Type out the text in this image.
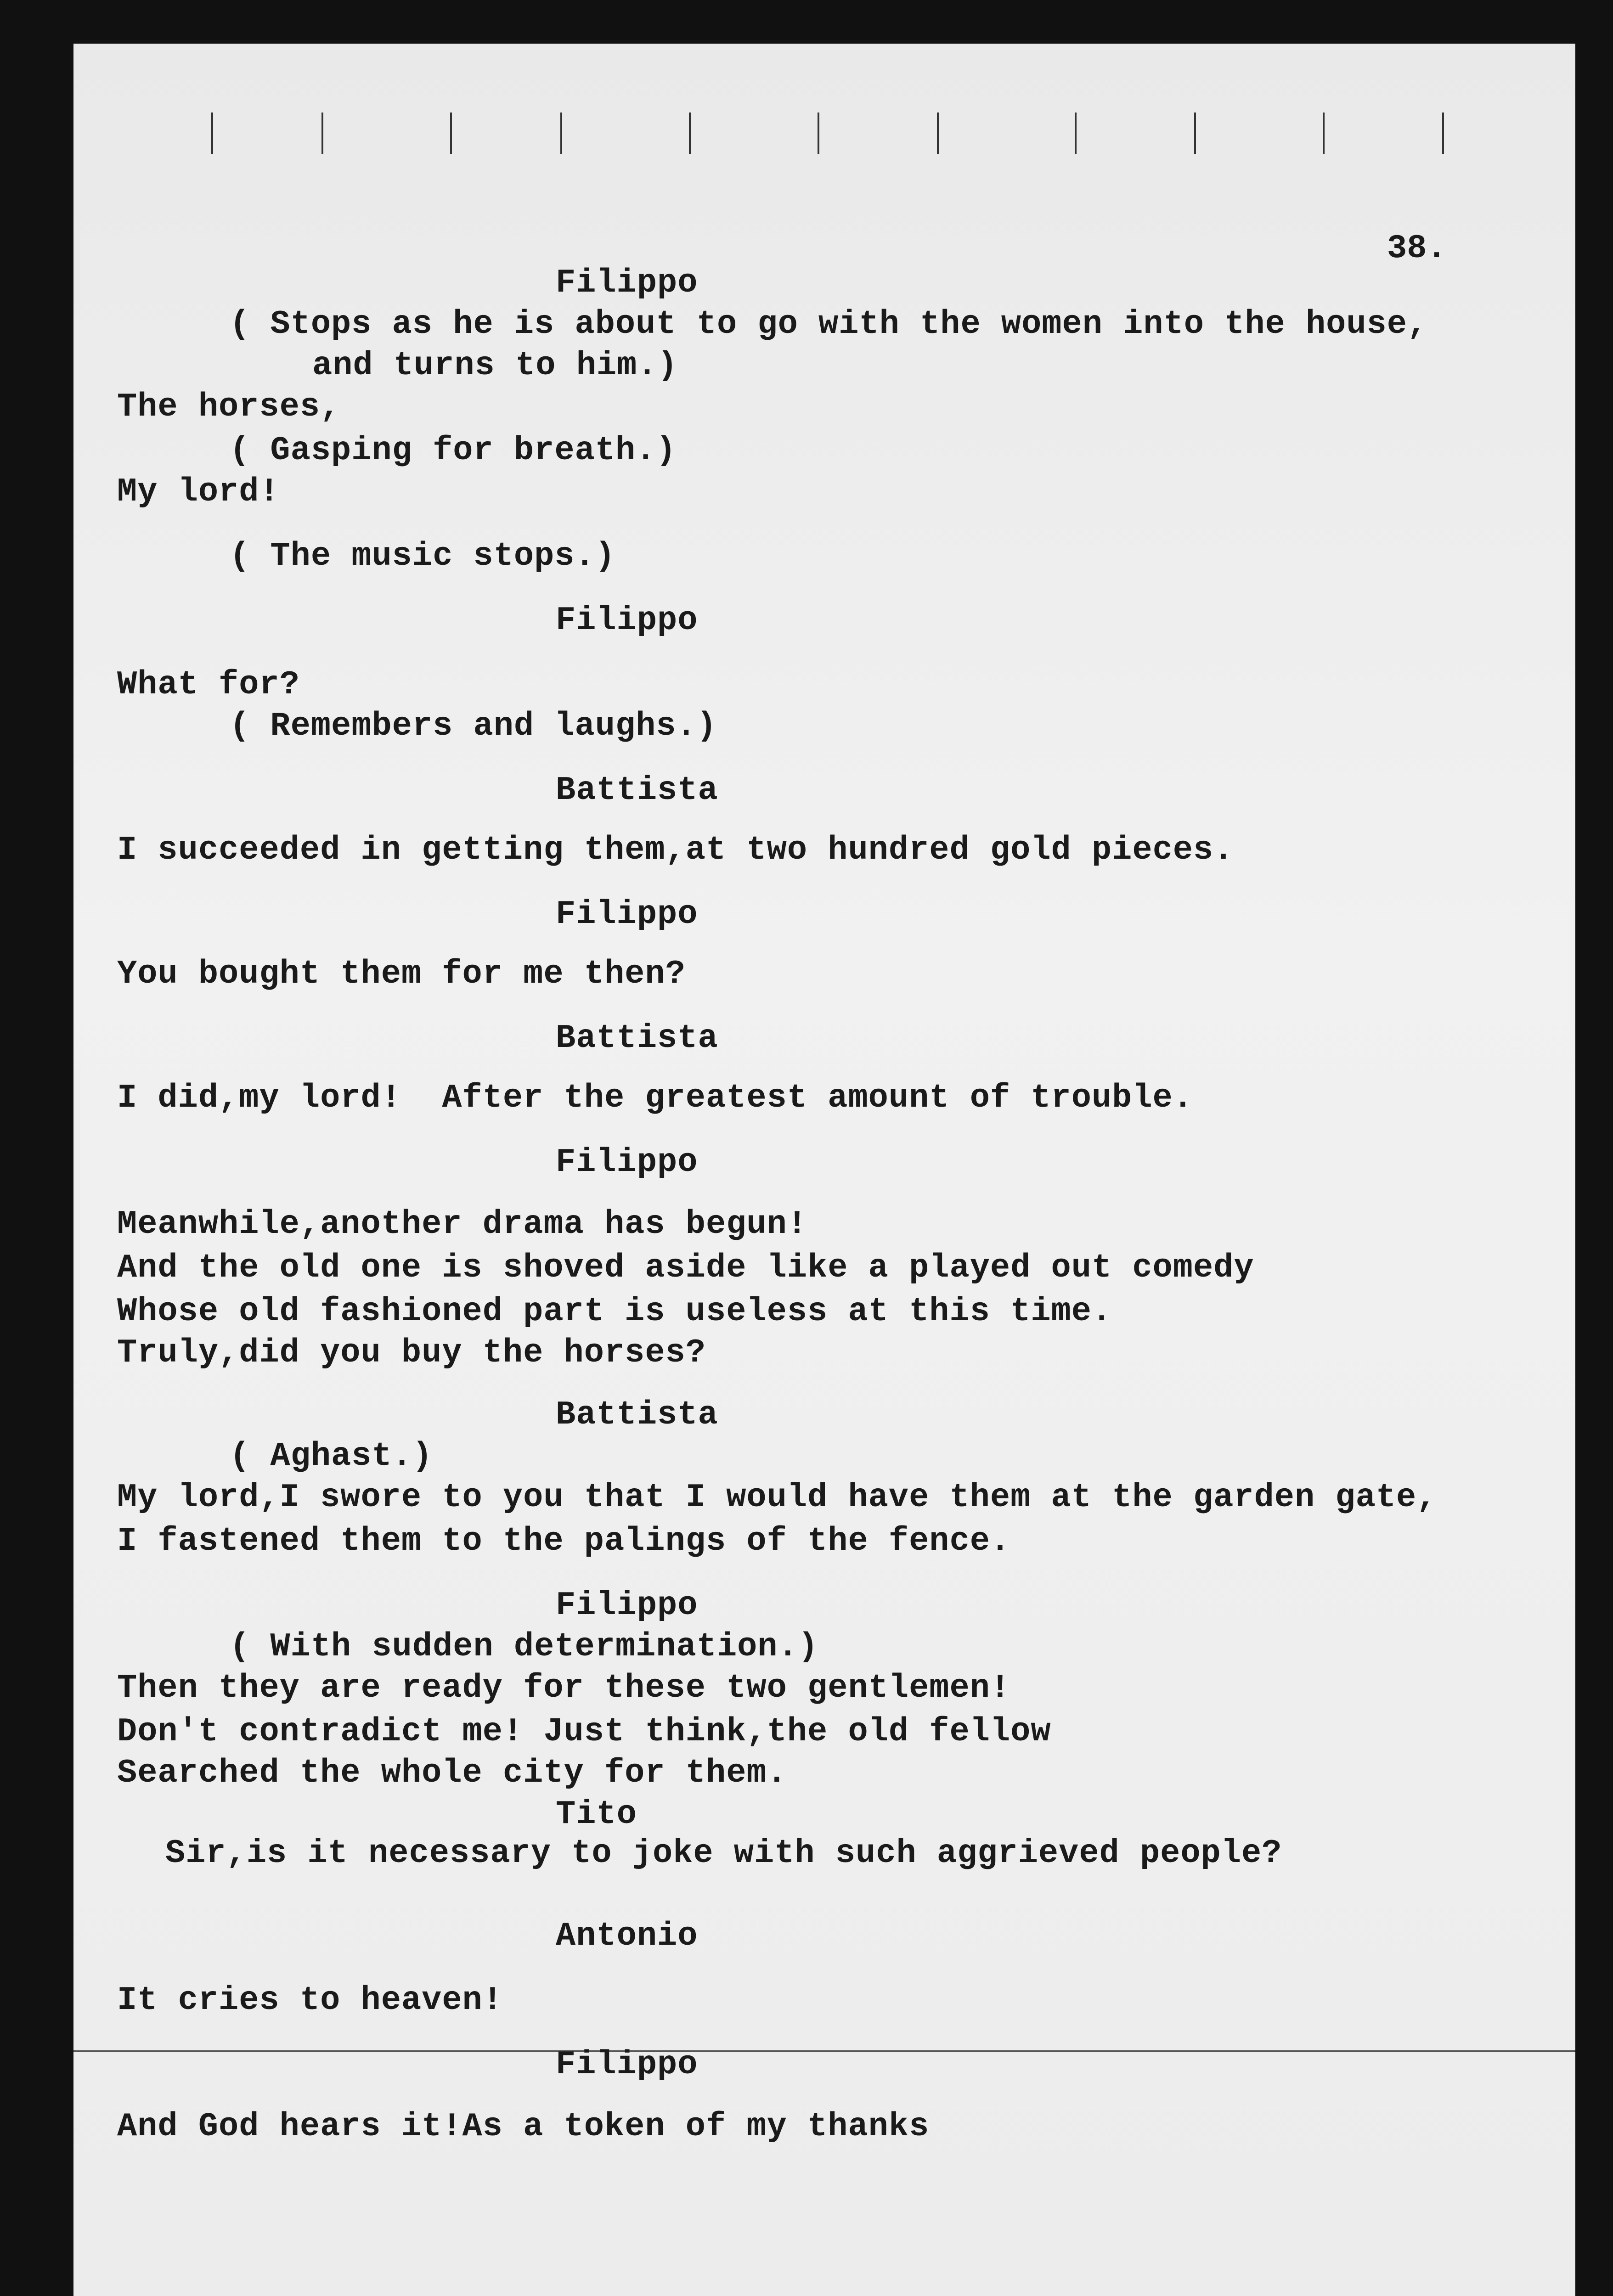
38.

Filippo

( Stops as he is about to go with the women into the house,

and turns to him.)

The horses,

( Gasping for breath.)

My lord!

( The music stops.)

Filippo

What for?

( Remembers and laughs.)

Battista

I succeeded in getting them,at two hundred gold pieces.

Filippo

You bought them for me then?

Battista

I did,my lord!  After the greatest amount of trouble.

Filippo

Meanwhile,another drama has begun!

And the old one is shoved aside like a played out comedy

Whose old fashioned part is useless at this time.

Truly,did you buy the horses?

Battista

( Aghast.)

My lord,I swore to you that I would have them at the garden gate,

I fastened them to the palings of the fence.

Filippo

( With sudden determination.)

Then they are ready for these two gentlemen!

Don't contradict me! Just think,the old fellow

Searched the whole city for them.

Tito

Sir,is it necessary to joke with such aggrieved people?

Antonio

It cries to heaven!

Filippo

And God hears it!As a token of my thanks
